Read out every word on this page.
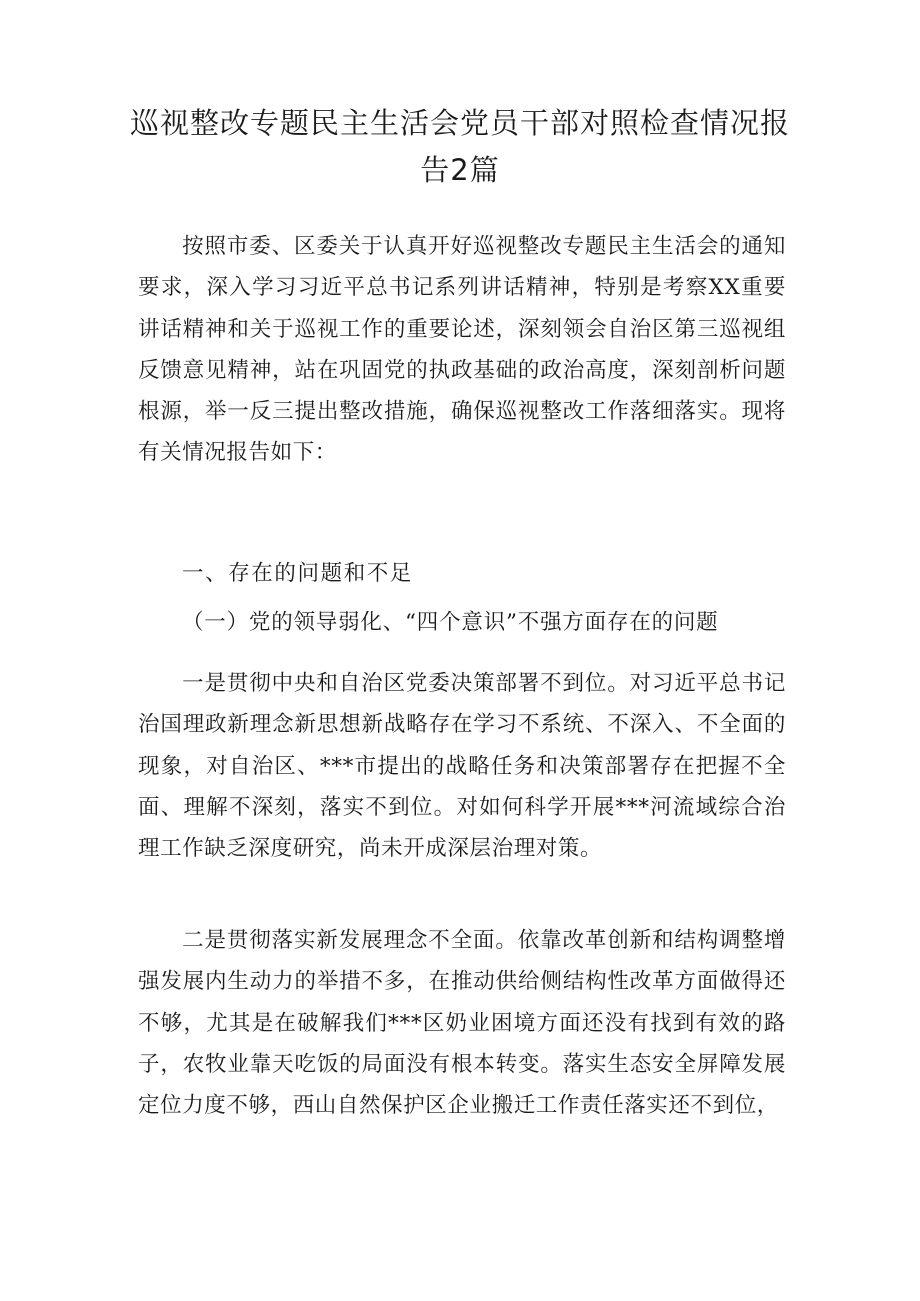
巡视整改专题民主生活会党员干部对照检查情况报告2篇
按照市委、区委关于认真开好巡视整改专题民主生活会的通知要求，深入学习习近平总书记系列讲话精神，特别是考察XX重要讲话精神和关于巡视工作的重要论述，深刻领会自治区第三巡视组反馈意见精神，站在巩固党的执政基础的政治高度，深刻剖析问题根源，举一反三提出整改措施，确保巡视整改工作落细落实。现将有关情况报告如下：
一、存在的问题和不足
（一）党的领导弱化、“四个意识”不强方面存在的问题
一是贯彻中央和自治区党委决策部署不到位。对习近平总书记治国理政新理念新思想新战略存在学习不系统、不深入、不全面的现象，对自治区、***市提出的战略任务和决策部署存在把握不全面、理解不深刻，落实不到位。对如何科学开展***河流域综合治理工作缺乏深度研究，尚未开成深层治理对策。
二是贯彻落实新发展理念不全面。依靠改革创新和结构调整增强发展内生动力的举措不多，在推动供给侧结构性改革方面做得还不够，尤其是在破解我们***区奶业困境方面还没有找到有效的路子，农牧业靠天吃饭的局面没有根本转变。落实生态安全屏障发展定位力度不够，西山自然保护区企业搬迁工作责任落实还不到位，
